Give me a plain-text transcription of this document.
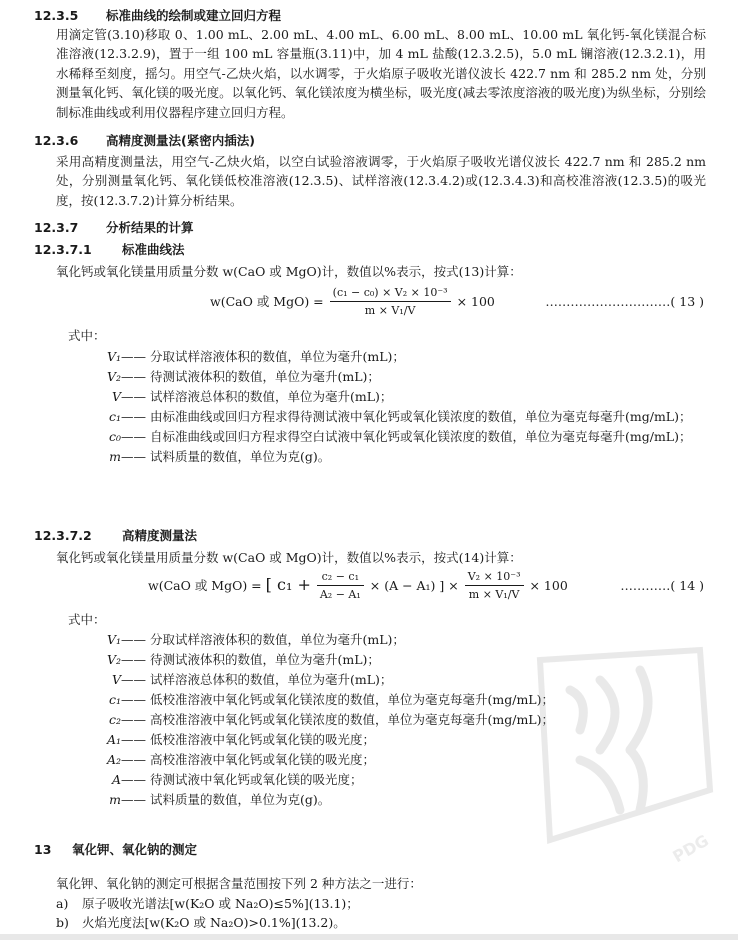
12.3.5 标准曲线的绘制或建立回归方程
用滴定管(3.10)移取 0、1.00 mL、2.00 mL、4.00 mL、6.00 mL、8.00 mL、10.00 mL 氧化钙-氧化镁混合标准溶液(12.3.2.9)，置于一组 100 mL 容量瓶(3.11)中，加 4 mL 盐酸(12.3.2.5)，5.0 mL 镧溶液(12.3.2.1)，用水稀释至刻度，摇匀。用空气-乙炔火焰，以水调零，于火焰原子吸收光谱仪波长 422.7 nm 和 285.2 nm 处，分别测量氧化钙、氧化镁的吸光度。以氧化钙、氧化镁浓度为横坐标，吸光度(减去零浓度溶液的吸光度)为纵坐标，分别绘制标准曲线或利用仪器程序建立回归方程。
12.3.6 高精度测量法(紧密内插法)
采用高精度测量法，用空气-乙炔火焰，以空白试验溶液调零，于火焰原子吸收光谱仪波长 422.7 nm 和 285.2 nm 处，分别测量氧化钙、氧化镁低校准溶液(12.3.5)、试样溶液(12.3.4.2)或(12.3.4.3)和高校准溶液(12.3.5)的吸光度，按(12.3.7.2)计算分析结果。
12.3.7 分析结果的计算
12.3.7.1 标准曲线法
氧化钙或氧化镁量用质量分数 w(CaO 或 MgO)计，数值以%表示，按式(13)计算：
w(CaO 或 $MgO) = \frac{\text{(c₁ − c₀) × V₂ × 10⁻³}}{\text{m × V₁/V}} \times 100$	…………………………( 13 )
式中：
V₁—— 分取试样溶液体积的数值，单位为毫升(mL)；
V₂—— 待测试液体积的数值，单位为毫升(mL)；
V—— 试样溶液总体积的数值，单位为毫升(mL)；
c₁—— 由标准曲线或回归方程求得待测试液中氧化钙或氧化镁浓度的数值，单位为毫克每毫升(mg/mL)；
c₀—— 自标准曲线或回归方程求得空白试液中氧化钙或氧化镁浓度的数值，单位为毫克每毫升(mg/mL)；
m—— 试料质量的数值，单位为克(g)。
12.3.7.2 高精度测量法
氧化钙或氧化镁量用质量分数 w(CaO 或 MgO)计，数值以%表示，按式(14)计算：
w(CaO 或 MgO) = [ $c_1 + \frac{\text{c₂ − c₁}}{\text{A₂ − A₁}} \times (A - A_1)$ ] × $\frac{\text{V₂ × 10⁻³}}{\text{m × V₁/V}} \times 100$	…………( 14 )
式中：
V₁—— 分取试样溶液体积的数值，单位为毫升(mL)；
V₂—— 待测试液体积的数值，单位为毫升(mL)；
V—— 试样溶液总体积的数值，单位为毫升(mL)；
c₁—— 低校准溶液中氧化钙或氧化镁浓度的数值，单位为毫克每毫升(mg/mL)；
c₂—— 高校准溶液中氧化钙或氧化镁浓度的数值，单位为毫克每毫升(mg/mL)；
A₁—— 低校准溶液中氧化钙或氧化镁的吸光度；
A₂—— 高校准溶液中氧化钙或氧化镁的吸光度；
A—— 待测试液中氧化钙或氧化镁的吸光度；
m—— 试料质量的数值，单位为克(g)。
13 氧化钾、氧化钠的测定
氧化钾、氧化钠的测定可根据含量范围按下列 2 种方法之一进行：
a) 原子吸收光谱法[w(K₂O 或 Na₂O)≤5%](13.1)；
b) 火焰光度法[w(K₂O 或 Na₂O)>0.1%](13.2)。
PDG
